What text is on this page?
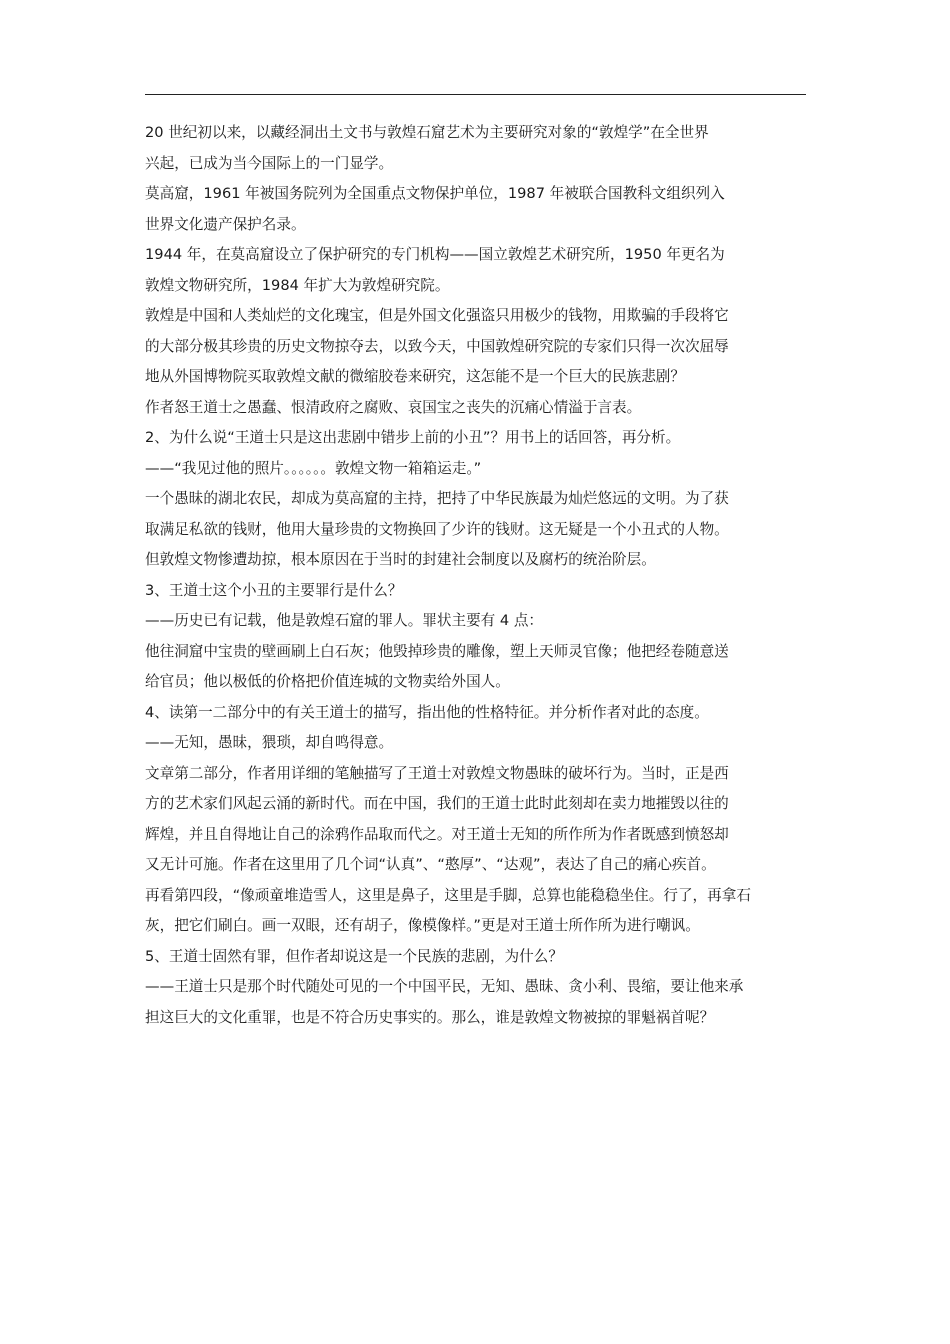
20 世纪初以来，以藏经洞出土文书与敦煌石窟艺术为主要研究对象的“敦煌学”在全世界
兴起，已成为当今国际上的一门显学。
莫高窟，1961 年被国务院列为全国重点文物保护单位，1987 年被联合国教科文组织列入
世界文化遗产保护名录。
1944 年，在莫高窟设立了保护研究的专门机构——国立敦煌艺术研究所，1950 年更名为
敦煌文物研究所，1984 年扩大为敦煌研究院。
敦煌是中国和人类灿烂的文化瑰宝，但是外国文化强盗只用极少的钱物，用欺骗的手段将它
的大部分极其珍贵的历史文物掠夺去，以致今天，中国敦煌研究院的专家们只得一次次屈辱
地从外国博物院买取敦煌文献的微缩胶卷来研究，这怎能不是一个巨大的民族悲剧？
作者怒王道士之愚蠢、恨清政府之腐败、哀国宝之丧失的沉痛心情溢于言表。
2、为什么说“王道士只是这出悲剧中错步上前的小丑”？用书上的话回答，再分析。
——“我见过他的照片。。。。。。敦煌文物一箱箱运走。”
一个愚昧的湖北农民，却成为莫高窟的主持，把持了中华民族最为灿烂悠远的文明。为了获
取满足私欲的钱财，他用大量珍贵的文物换回了少许的钱财。这无疑是一个小丑式的人物。
但敦煌文物惨遭劫掠，根本原因在于当时的封建社会制度以及腐朽的统治阶层。
3、王道士这个小丑的主要罪行是什么？
——历史已有记载，他是敦煌石窟的罪人。罪状主要有 4 点：
他往洞窟中宝贵的壁画刷上白石灰；他毁掉珍贵的雕像，塑上天师灵官像；他把经卷随意送
给官员；他以极低的价格把价值连城的文物卖给外国人。
4、读第一二部分中的有关王道士的描写，指出他的性格特征。并分析作者对此的态度。
——无知，愚昧，猥琐，却自鸣得意。
文章第二部分，作者用详细的笔触描写了王道士对敦煌文物愚昧的破坏行为。当时，正是西
方的艺术家们风起云涌的新时代。而在中国，我们的王道士此时此刻却在卖力地摧毁以往的
辉煌，并且自得地让自己的涂鸦作品取而代之。对王道士无知的所作所为作者既感到愤怒却
又无计可施。作者在这里用了几个词“认真”、“憨厚”、“达观”，表达了自己的痛心疾首。
再看第四段，“像顽童堆造雪人，这里是鼻子，这里是手脚，总算也能稳稳坐住。行了，再拿石
灰，把它们刷白。画一双眼，还有胡子，像模像样。”更是对王道士所作所为进行嘲讽。
5、王道士固然有罪，但作者却说这是一个民族的悲剧，为什么？
——王道士只是那个时代随处可见的一个中国平民，无知、愚昧、贪小利、畏缩，要让他来承
担这巨大的文化重罪，也是不符合历史事实的。那么，谁是敦煌文物被掠的罪魁祸首呢？
